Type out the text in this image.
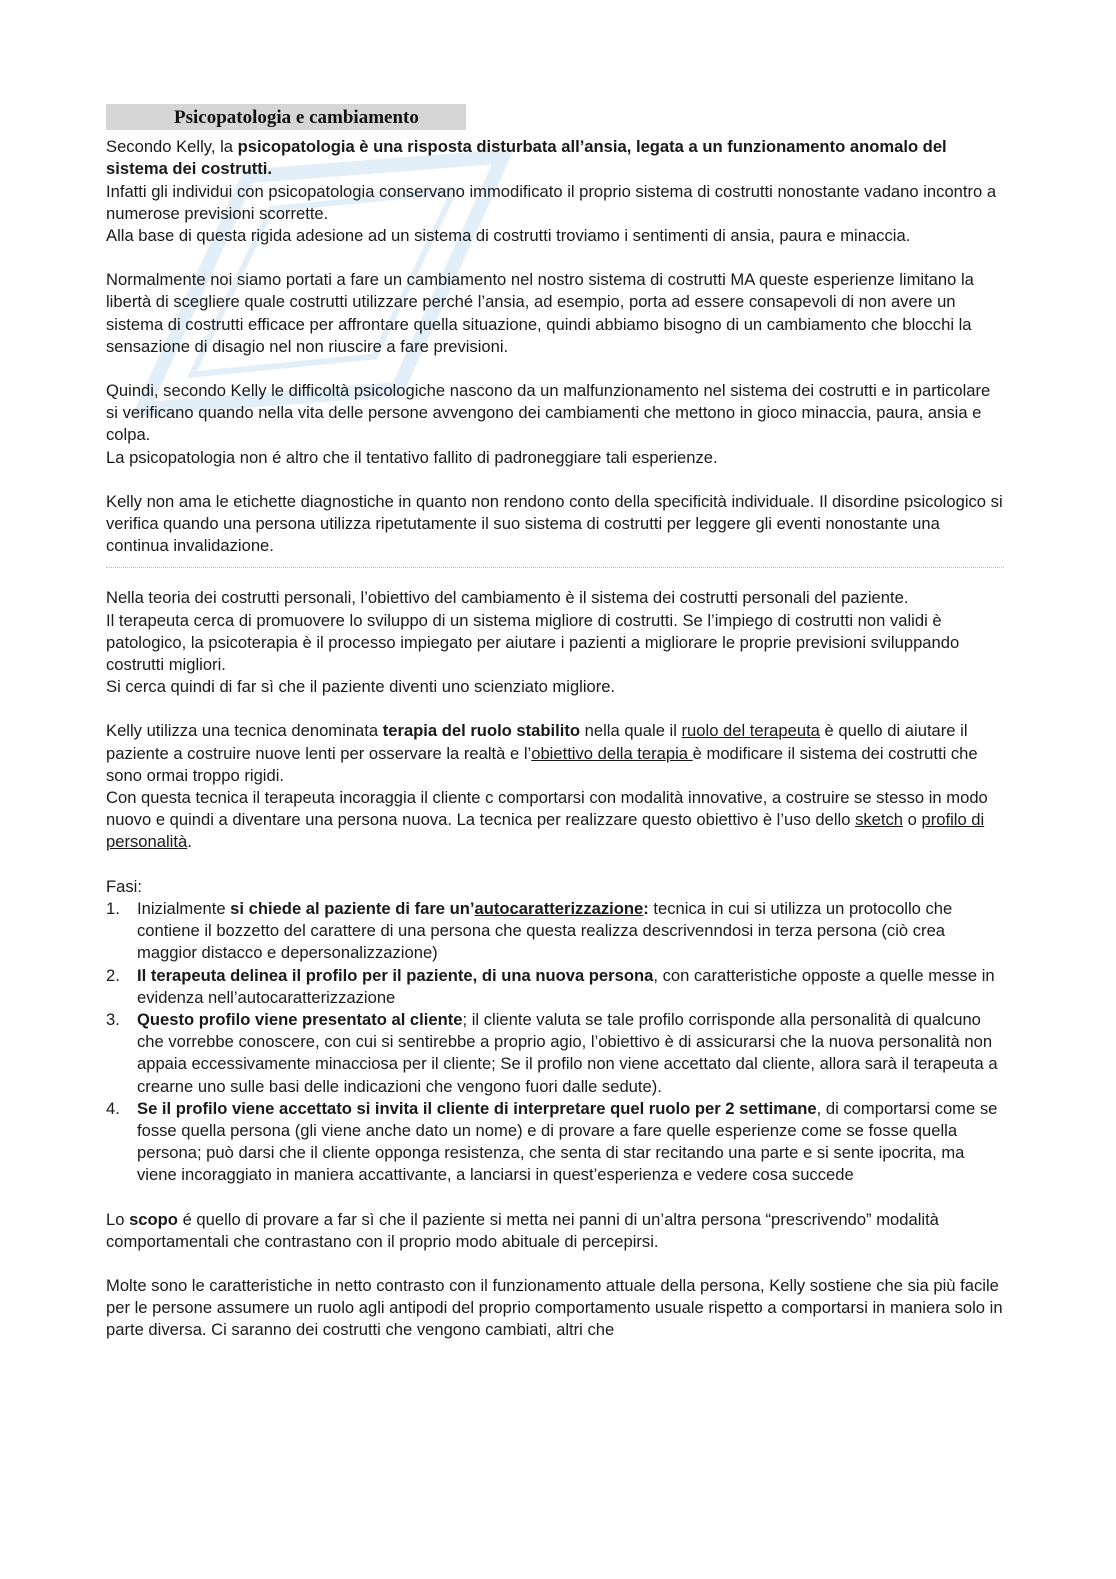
Psicopatologia e cambiamento

Secondo Kelly, la psicopatologia è una risposta disturbata all’ansia, legata a un funzionamento anomalo del sistema dei costrutti.

Infatti gli individui con psicopatologia conservano immodificato il proprio sistema di costrutti nonostante vadano incontro a numerose previsioni scorrette.

Alla base di questa rigida adesione ad un sistema di costrutti troviamo i sentimenti di ansia, paura e minaccia.

Normalmente noi siamo portati a fare un cambiamento nel nostro sistema di costrutti MA queste esperienze limitano la libertà di scegliere quale costrutti utilizzare perché l’ansia, ad esempio, porta ad essere consapevoli di non avere un sistema di costrutti efficace per affrontare quella situazione, quindi abbiamo bisogno di un cambiamento che blocchi la sensazione di disagio nel non riuscire a fare previsioni.

Quindi, secondo Kelly le difficoltà psicologiche nascono da un malfunzionamento nel sistema dei costrutti e in particolare si verificano quando nella vita delle persone avvengono dei cambiamenti che mettono in gioco minaccia, paura, ansia e colpa.

La psicopatologia non é altro che il tentativo fallito di padroneggiare tali esperienze.

Kelly non ama le etichette diagnostiche in quanto non rendono conto della specificità individuale. Il disordine psicologico si verifica quando una persona utilizza ripetutamente il suo sistema di costrutti per leggere gli eventi nonostante una continua invalidazione.

Nella teoria dei costrutti personali, l’obiettivo del cambiamento è il sistema dei costrutti personali del paziente.

Il terapeuta cerca di promuovere lo sviluppo di un sistema migliore di costrutti. Se l’impiego di costrutti non validi è patologico, la psicoterapia è il processo impiegato per aiutare i pazienti a migliorare le proprie previsioni sviluppando costrutti migliori.

Si cerca quindi di far sì che il paziente diventi uno scienziato migliore.

Kelly utilizza una tecnica denominata terapia del ruolo stabilito nella quale il ruolo del terapeuta è quello di aiutare il paziente a costruire nuove lenti per osservare la realtà e l’obiettivo della terapia è modificare il sistema dei costrutti che sono ormai troppo rigidi.

Con questa tecnica il terapeuta incoraggia il cliente c comportarsi con modalità innovative, a costruire se stesso in modo nuovo e quindi a diventare una persona nuova. La tecnica per realizzare questo obiettivo è l’uso dello sketch o profilo di personalità.

Fasi:

1. Inizialmente si chiede al paziente di fare un’autocaratterizzazione: tecnica in cui si utilizza un protocollo che contiene il bozzetto del carattere di una persona che questa realizza descrivenndosi in terza persona (ciò crea maggior distacco e depersonalizzazione)
2. Il terapeuta delinea il profilo per il paziente, di una nuova persona, con caratteristiche opposte a quelle messe in evidenza nell’autocaratterizzazione
3. Questo profilo viene presentato al cliente; il cliente valuta se tale profilo corrisponde alla personalità di qualcuno che vorrebbe conoscere, con cui si sentirebbe a proprio agio, l’obiettivo è di assicurarsi che la nuova personalità non appaia eccessivamente minacciosa per il cliente; Se il profilo non viene accettato dal cliente, allora sarà il terapeuta a crearne uno sulle basi delle indicazioni che vengono fuori dalle sedute).
4. Se il profilo viene accettato si invita il cliente di interpretare quel ruolo per 2 settimane, di comportarsi come se fosse quella persona (gli viene anche dato un nome) e di provare a fare quelle esperienze come se fosse quella persona; può darsi che il cliente opponga resistenza, che senta di star recitando una parte e si sente ipocrita, ma viene incoraggiato in maniera accattivante, a lanciarsi in quest’esperienza e vedere cosa succede

Lo scopo é quello di provare a far sì che il paziente si metta nei panni di un’altra persona “prescrivendo” modalità comportamentali che contrastano con il proprio modo abituale di percepirsi.

Molte sono le caratteristiche in netto contrasto con il funzionamento attuale della persona, Kelly sostiene che sia più facile per le persone assumere un ruolo agli antipodi del proprio comportamento usuale rispetto a comportarsi in maniera solo in parte diversa. Ci saranno dei costrutti che vengono cambiati, altri che
